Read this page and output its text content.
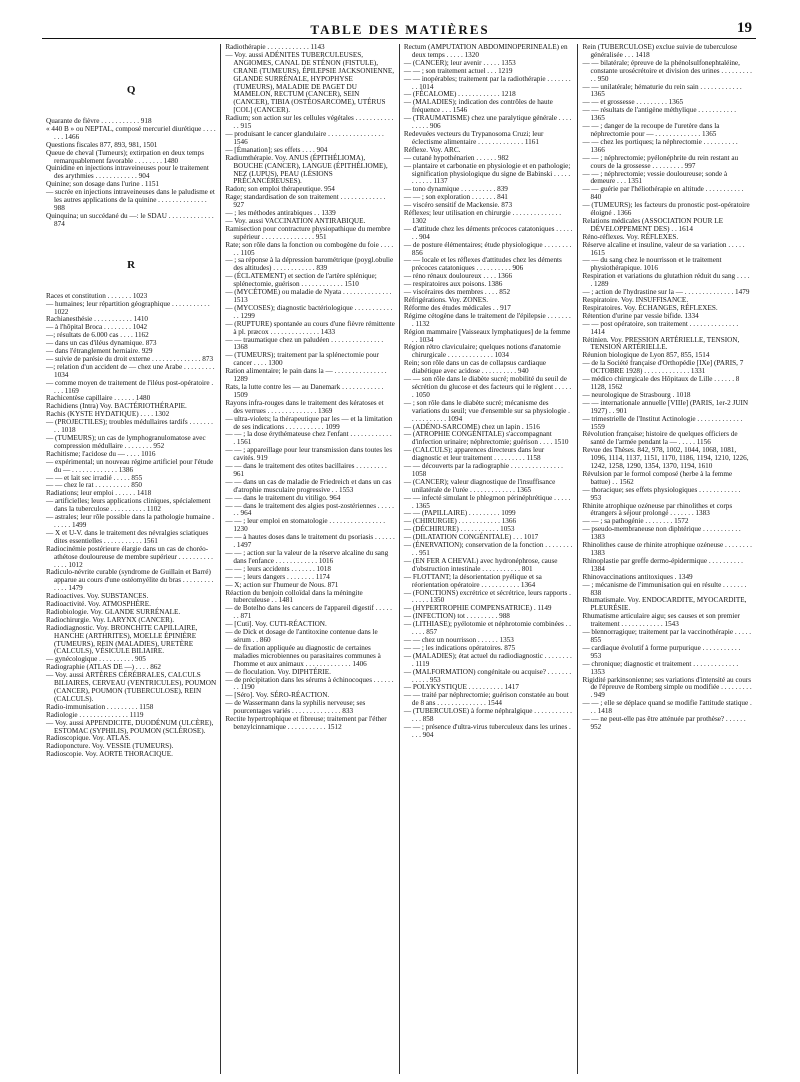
TABLE DES MATIÈRES	19
Q
Quarante de fièvre . . . . . . . . . . . 918
« 440 B » ou NEPTAL, composé mercuriel diurétique . . . . . . . 1466
Questions fiscales 877, 893, 981, 1501
Queue de cheval (Tumeurs); extirpation en deux temps remarquablement favorable . . . . . . . . 1480
Quinidine en injections intraveineuses pour le traitement des arythmies . . . . . . . . . . . . 904
Quinine; son dosage dans l'urine . 1151
— sucrée en injections intraveineuses dans le paludisme et les autres applications de la quinine . . . . . . . . . . . . . . 988
Quinquina; un succédané du —: le SDAU . . . . . . . . . . . . . 874
R
Races et constitution . . . . . . . 1023
— humaines; leur répartition géographique . . . . . . . . . . . 1022
Rachianesthésie . . . . . . . . . . . 1410
— à l'hôpital Broca . . . . . . . . 1042
—; résultats de 6.000 cas . . . . 1162
— dans un cas d'iléus dynamique. 873
— dans l'étranglement herniaire. 929
— suivie de parésie du droit externe . . . . . . . . . . . . . . 873
—; relation d'un accident de — chez une Arabe . . . . . . . . . 1034
— comme moyen de traitement de l'iléus post-opératoire . . . . 1169
Rachicentèse capillaire . . . . . . 1480
Rachidiens (Intra) Voy. BACTÉRIOTHÉRAPIE.
Rachis (KYSTE HYDATIQUE) . . . . 1302
— (PROJECTILES); troubles médullaires tardifs . . . . . . . . . 1018
— (TUMEURS); un cas de lymphogranulomatose avec compression médullaire . . . . . . . . 952
Rachitisme; l'acidose du — . . . . 1016
— expérimental; un nouveau régime artificiel pour l'étude du — . . . . . . . . . . . . . 1386
— — et lait sec irradié . . . . . 855
— — chez le rat . . . . . . . . . . 850
Radiations; leur emploi . . . . . . 1418
— artificielles; leurs applications cliniques, spécialement dans la tuberculose . . . . . . . . . . 1102
— astrales; leur rôle possible dans la pathologie humaine . . . . . . 1499
— X et U-V. dans le traitement des névralgies sciatiques dites essentielles . . . . . . . . . . . 1561
Radiocinémie postérieure élargie dans un cas de choréo-athétose douloureuse de membre supérieur . . . . . . . . . . . . . . 1012
Radiculo-névrite curable (syndrome de Guillain et Barré) apparue au cours d'une ostéomyélite du bras . . . . . . . . . . . . . 1479
Radioactives. Voy. SUBSTANCES.
Radioactivité. Voy. ATMOSPHÈRE.
Radiobiologie. Voy. GLANDE SURRÉNALE.
Radiochirurgie. Voy. LARYNX (CANCER).
Radiodiagnostic. Voy. BRONCHITE CAPILLAIRE, HANCHE (ARTHRITES), MOELLE ÉPINIÈRE (TUMEURS), REIN (MALADIES), URETÈRE (CALCULS), VÉSICULE BILIAIRE.
— gynécologique . . . . . . . . . . 905
Radiographie (ATLAS DE —) . . . . 862
— Voy. aussi ARTÈRES CÉRÉBRALES, CALCULS BILIAIRES, CERVEAU (VENTRICULES), POUMON (CANCER), POUMON (TUBERCULOSE), REIN (CALCULS).
Radio-immunisation . . . . . . . . . 1158
Radiologie . . . . . . . . . . . . . . 1119
— Voy. aussi APPENDICITE, DUODÉNUM (ULCÈRE), ESTOMAC (SYPHILIS), POUMON (SCLÉROSE).
Radioscopique. Voy. ATLAS.
Radioponcture. Voy. VESSIE (TUMEURS).
Radioscopie. Voy. AORTE THORACIQUE.
Radiothérapie . . . . . . . . . . . . 1143
— Voy. aussi ADÉNITES TUBERCULEUSES, ANGIOMES, CANAL DE STÉNON (FISTULE), CRANE (TUMEURS), ÉPILEPSIE JACKSONIENNE, GLANDE SURRÉNALE, HYPOPHYSE (TUMEURS), MALADIE DE PAGET DU MAMELON, RECTUM (CANCER), SEIN (CANCER), TIBIA (OSTÉOSARCOME), UTÉRUS [COL] (CANCER).
Radium; son action sur les cellules végétales . . . . . . . . . . . . . 915
— produisant le cancer glandulaire . . . . . . . . . . . . . . . . 1546
— [Émanation]; ses effets . . . . 904
Radiumthérapie. Voy. ANUS (ÉPITHÉLIOMA), BOUCHE (CANCER), LANGUE (ÉPITHÉLIOME), NEZ (LUPUS), PEAU (LÉSIONS PRÉCANCÉREUSES).
Radon; son emploi thérapeutique. 954
Rage; standardisation de son traitement . . . . . . . . . . . . . 927
— ; les méthodes antirabiques . . 1339
— Voy. aussi VACCINATION ANTIRABIQUE.
Ramisection pour contracture physiopathique du membre supérieur . . . . . . . . . . . . . . . 951
Rate; son rôle dans la fonction ou combogène du foie . . . . . . 1105
— ; sa réponse à la dépression barométrique (poygl.obulie des altitudes) . . . . . . . . . . . . 839
— (ÉCLATEMENT) et section de l'artère splénique; splénectomie, guérison . . . . . . . . . . . . 1510
— (MYCÉTOME) ou maladie de Nyata . . . . . . . . . . . . . . 1513
— (MYCOSES); diagnostic bactériologique . . . . . . . . . . . . . 1299
— (RUPTURE) spontanée au cours d'une fièvre rémittente à pl. præcox . . . . . . . . . . . . . . 1433
— — traumatique chez un paludéen . . . . . . . . . . . . . . . 1368
— (TUMEURS); traitement par la splénectomie pour cancer . . . . 1300
Ration alimentaire; le pain dans la — . . . . . . . . . . . . . . . 1289
Rats, la lutte contre les — au Danemark . . . . . . . . . . . . 1509
Rayons infra-rouges dans le traitement des kératoses et des verrues . . . . . . . . . . . . . . 1369
— ultra-violets; la thérapeutique par les — et la limitation de ses indications . . . . . . . . . . . 1099
— — ; la dose érythémateuse chez l'enfant . . . . . . . . . . . . . 1561
— — ; appareillage pour leur transmission dans toutes les cavités. 919
— — dans le traitement des otites bacillaires . . . . . . . . . 961
— — dans un cas de maladie de Friedreich et dans un cas d'atrophie musculaire progressive . . 1553
— — dans le traitement du vitiligo. 964
— — dans le traitement des algies post-zostériennes . . . . . . . 964
— — ; leur emploi en stomatologie . . . . . . . . . . . . . . . . 1230
— — à hautes doses dans le traitement du psoriasis . . . . . . . 1497
— — ; action sur la valeur de la réserve alcaline du sang dans l'enfance . . . . . . . . . . . . 1016
— — ; leurs accidents . . . . . . . 1018
— — ; leurs dangers . . . . . . . . 1174
— X; action sur l'humeur de Nous. 871
Réaction du benjoin colloïdal dans la méningite tuberculeuse . . 1481
— de Botelho dans les cancers de l'appareil digestif . . . . . . . 871
— [Cuti]. Voy. CUTI-RÉACTION.
— de Dick et dosage de l'antitoxine contenue dans le sérum . . 860
— de fixation appliquée au diagnostic de certaines maladies microbiennes ou parasitaires communes à l'homme et aux animaux . . . . . . . . . . . . . 1406
— de floculation. Voy. DIPHTÉRIE.
— de précipitation dans les sérums à échinocoques . . . . . . . . 1190
— [Séro]. Voy. SÉRO-RÉACTION.
— de Wassermann dans la syphilis nerveuse; ses pourcentages variés . . . . . . . . . . . . . . 833
Rectite hypertrophique et fibreuse; traitement par l'éther benzylcinnamique . . . . . . . . . . . 1512
Rectum (AMPUTATION ABDOMINOPÉRINÉALE) en deux temps . . . . . 1320
— (CANCER); leur avenir . . . . . 1353
— — ; son traitement actuel . . . 1219
— — inopérables; traitement par la radiothérapie . . . . . . . . . 1014
— (FÉCALOME) . . . . . . . . . . . . 1218
— (MALADIES); indication des contrôles de haute fréquence . . . 1546
— (TRAUMATISME) chez une paralytique générale . . . . . . . . . 906
Redevuées vecteurs du Trypanosoma Cruzi; leur éclectisme alimentaire . . . . . . . . . . . . . 1161
Réflexe. Voy. ARC.
— cutané hypothénarien . . . . . . 982
— plantaire et carbonatie en physiologie et en pathologie; signification physiologique du signe de Babinski . . . . . . . . . . . 1137
— tono dynamique . . . . . . . . . . 839
— — ; son exploration . . . . . . . 841
— viscéro sensitif de Mackensie. 873
Réflexes; leur utilisation en chirurgie . . . . . . . . . . . . . . 1302
— d'attitude chez les déments précoces catatoniques . . . . . . . 904
— de posture élémentaires; étude physiologique . . . . . . . . 856
— — locale et les réflexes d'attitudes chez les déments précoces catatoniques . . . . . . . . . . 906
— réno rénaux douloureux . . . . 1366
— respiratoires aux poisons. 1386
— viscéraires des membres . . . . 852
Réfrigérations. Voy. ZONES.
Réforme des études médicales . . 917
Régime cétogène dans le traitement de l'épilepsie . . . . . . . . 1132
Région mammaire [Vaisseaux lymphatiques] de la femme . . 1034
Région rétro claviculaire; quelques notions d'anatomie chirurgicale . . . . . . . . . . . . . 1034
Rein; son rôle dans un cas de collapsus cardiaque diabétique avec acidose . . . . . . . . . . 940
— — son rôle dans le diabète sucré; mobilité du seuil de sécrétion du glucose et des facteurs qui le règlent . . . . . . 1050
— ; son rôle dans le diabète sucré; mécanisme des variations du seuil; vue d'ensemble sur sa physiologie . . . . . . . . . . . 1094
— (ADÉNO-SARCOME) chez un lapin . 1516
— (ATROPHIE CONGÉNITALE) s'accompagnant d'infection urinaire; néphrectomie; guérison . . . . 1510
— (CALCULS); apparences directeurs dans leur diagnostic et leur traitement . . . . . . . . . 1158
— — découverts par la radiographie . . . . . . . . . . . . . . . 1058
— (CANCER); valeur diagnostique de l'insuffisance unilatérale de l'urée . . . . . . . . . . . . . 1365
— — infecté simulant le phlegmon périnéphrétique . . . . . . 1365
— — (PAPILLAIRE) . . . . . . . . . 1099
— (CHIRURGIE) . . . . . . . . . . . . 1366
— (DÉCHIRURE) . . . . . . . . . . . 1053
— (DILATATION CONGÉNITALE) . . . 1017
— (ÉNERVATION); conservation de la fonction . . . . . . . . . . 951
— (EN FER A CHEVAL) avec hydronéphrose, cause d'obstruction intestinale . . . . . . . . . . . 801
— FLOTTANT; la désorientation pyélique et sa réorientation opératoire . . . . . . . . . . . 1364
— (FONCTIONS) excrétrice et sécrétrice, leurs rapports . . . . . . 1350
— (HYPERTROPHIE COMPENSATRICE) . 1149
— (INFECTION) tot . . . . . . . . . 988
— (LITHIASE); pyélotomie et néphrotomie combinées . . . . . . 857
— — chez un nourrisson . . . . . . 1353
— — ; les indications opératoires. 875
— (MALADIES); état actuel du radiodiagnostic . . . . . . . . . 1119
— (MALFORMATION) congénitale ou acquise? . . . . . . . . . . . . 953
— POLYKYSTIQUE . . . . . . . . . . 1417
— — traité par néphrectomie; guérison constatée au bout de 8 ans . . . . . . . . . . . . . . 1544
— (TUBERCULOSE) à forme néphralgique . . . . . . . . . . . . . . 858
— — ; présence d'ultra-virus tuberculeux dans les urines . . . . 904
Rein (TUBERCULOSE) exclue suivie de tuberculose généralisée . . . 1418
— — bilatérale; épreuve de la phénolsulfonephtaléine, constante urosécrétoire et division des urines . . . . . . . . . . . 950
— — unilatérale; hématurie du rein sain . . . . . . . . . . . . 1365
— — et grossesse . . . . . . . . . 1365
— — résultats de l'antigène méthylique . . . . . . . . . . . 1365
— — ; danger de la recoupe de l'uretère dans la néphrectomie pour — . . . . . . . . . . . . . 1365
— — chez les portiques; la néphrectomie . . . . . . . . . . 1366
— — ; néphrectomie; pyélonéphrite du rein restant au cours de la grossesse . . . . . . . . . 997
— — ; néphrectomie; vessie douloureuse; sonde à demeure . . . 1351
— — guérie par l'héliothérapie en altitude . . . . . . . . . . . 840
— (TUMEURS); les facteurs du pronostic post-opératoire éloigné . 1366
Relations médicales (ASSOCIATION POUR LE DÉVELOPPEMENT DES) . . 1614
Réno-réflexes. Voy. RÉFLEXES.
Réserve alcaline et insuline, valeur de sa variation . . . . . 1615
— — du sang chez le nourrisson et le traitement physiothérapique. 1016
Respiration et variations du glutathion réduit du sang . . . . . 1289
— ; action de l'hydrastine sur la — . . . . . . . . . . . . . . 1479
Respiratoire. Voy. INSUFFISANCE.
Respiratoires. Voy. ÉCHANGES, RÉFLEXES.
Rétention d'urine par vessie bifide. 1334
— — post opératoire, son traitement . . . . . . . . . . . . . . 1414
Rétinien. Voy. PRESSION ARTÉRIELLE, TENSION, TENSION ARTÉRIELLE.
Réunion biologique de Lyon 857, 855, 1514
— de la Société française d'Orthopédie [IXe] (PARIS, 7 OCTOBRE 1928) . . . . . . . . . . . . . 1331
— médico chirurgicale des Hôpitaux de Lille . . . . . . 8 1128, 1562
— neurologique de Strasbourg . 1018
— — internationale annuelle [VIIIe] (PARIS, 1er-2 JUIN 1927) . . 901
— trimestrielle de l'Institut Actinologie . . . . . . . . . . . . . 1559
Révolution française; histoire de quelques officiers de santé de l'armée pendant la — . . . . . 1156
Revue des Thèses. 842, 978, 1002, 1044, 1068, 1081, 1096, 1114, 1137, 1151, 1170, 1186, 1194, 1210, 1226, 1242, 1258, 1290, 1354, 1370, 1194, 1610
Révulsion par le formol composé (herbe à la femme battue) . . 1562
— thoracique; ses effets physiologiques . . . . . . . . . . . . 953
Rhinite atrophique ozéneuse par rhinolithes et corps étrangers à séjour prolongé . . . . . . . 1383
— — ; sa pathogénie . . . . . . . . 1572
— pseudo-membraneuse non diphtérique . . . . . . . . . . . 1383
Rhinolithes cause de rhinite atrophique ozéneuse . . . . . . . . 1383
Rhinoplastie par greffe dermo-épidermique . . . . . . . . . . 1384
Rhinovaccinations antitoxiques . 1349
— ; mécanisme de l'immunisation qui en résulte . . . . . . . 838
Rhumatismale. Voy. ENDOCARDITE, MYOCARDITE, PLEURÉSIE.
Rhumatisme articulaire aigu; ses causes et son premier traitement . . . . . . . . . . . . 1543
— blennorragique; traitement par la vaccinothérapie . . . . . 855
— cardiaque évolutif à forme purpurique . . . . . . . . . . . 953
— chronique; diagnostic et traitement . . . . . . . . . . . . . 1353
Rigidité parkinsonienne; ses variations d'intensité au cours de l'épreuve de Romberg simple ou modifiée . . . . . . . . . . 949
— — ; elle se déplace quand se modifie l'attitude statique . . . 1418
— — ne peut-elle pas être atténuée par prothèse? . . . . . . 952
